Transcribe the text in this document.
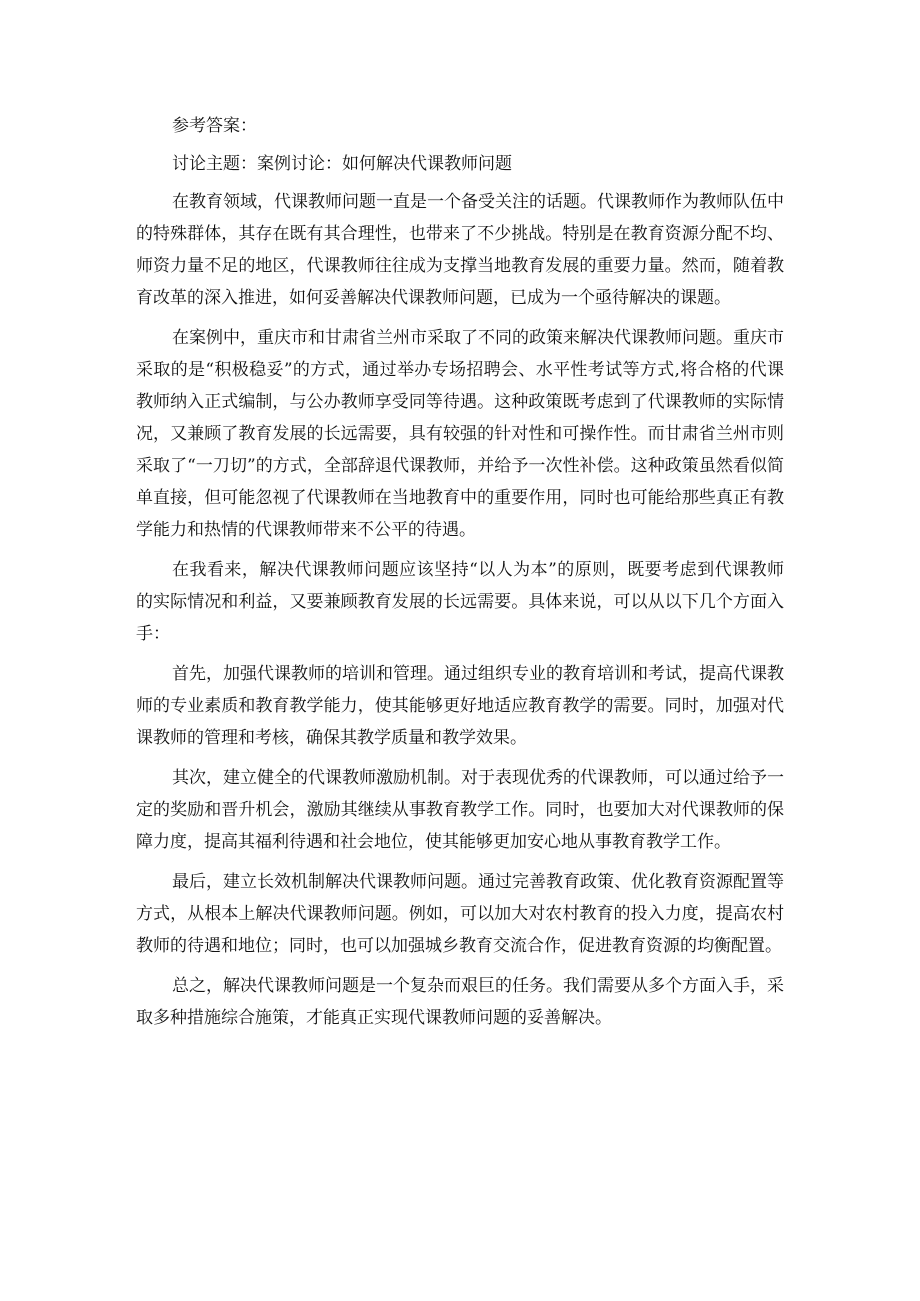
参考答案：

讨论主题：案例讨论：如何解决代课教师问题

在教育领域，代课教师问题一直是一个备受关注的话题。代课教师作为教师队伍中的特殊群体，其存在既有其合理性，也带来了不少挑战。特别是在教育资源分配不均、师资力量不足的地区，代课教师往往成为支撑当地教育发展的重要力量。然而，随着教育改革的深入推进，如何妥善解决代课教师问题，已成为一个亟待解决的课题。

在案例中，重庆市和甘肃省兰州市采取了不同的政策来解决代课教师问题。重庆市采取的是“积极稳妥”的方式，通过举办专场招聘会、水平性考试等方式,将合格的代课教师纳入正式编制，与公办教师享受同等待遇。这种政策既考虑到了代课教师的实际情况，又兼顾了教育发展的长远需要，具有较强的针对性和可操作性。而甘肃省兰州市则采取了“一刀切”的方式，全部辞退代课教师，并给予一次性补偿。这种政策虽然看似简单直接，但可能忽视了代课教师在当地教育中的重要作用，同时也可能给那些真正有教学能力和热情的代课教师带来不公平的待遇。

在我看来，解决代课教师问题应该坚持“以人为本”的原则，既要考虑到代课教师的实际情况和利益，又要兼顾教育发展的长远需要。具体来说，可以从以下几个方面入手：

首先，加强代课教师的培训和管理。通过组织专业的教育培训和考试，提高代课教师的专业素质和教育教学能力，使其能够更好地适应教育教学的需要。同时，加强对代课教师的管理和考核，确保其教学质量和教学效果。

其次，建立健全的代课教师激励机制。对于表现优秀的代课教师，可以通过给予一定的奖励和晋升机会，激励其继续从事教育教学工作。同时，也要加大对代课教师的保障力度，提高其福利待遇和社会地位，使其能够更加安心地从事教育教学工作。

最后，建立长效机制解决代课教师问题。通过完善教育政策、优化教育资源配置等方式，从根本上解决代课教师问题。例如，可以加大对农村教育的投入力度，提高农村教师的待遇和地位；同时，也可以加强城乡教育交流合作，促进教育资源的均衡配置。

总之，解决代课教师问题是一个复杂而艰巨的任务。我们需要从多个方面入手，采取多种措施综合施策，才能真正实现代课教师问题的妥善解决。
